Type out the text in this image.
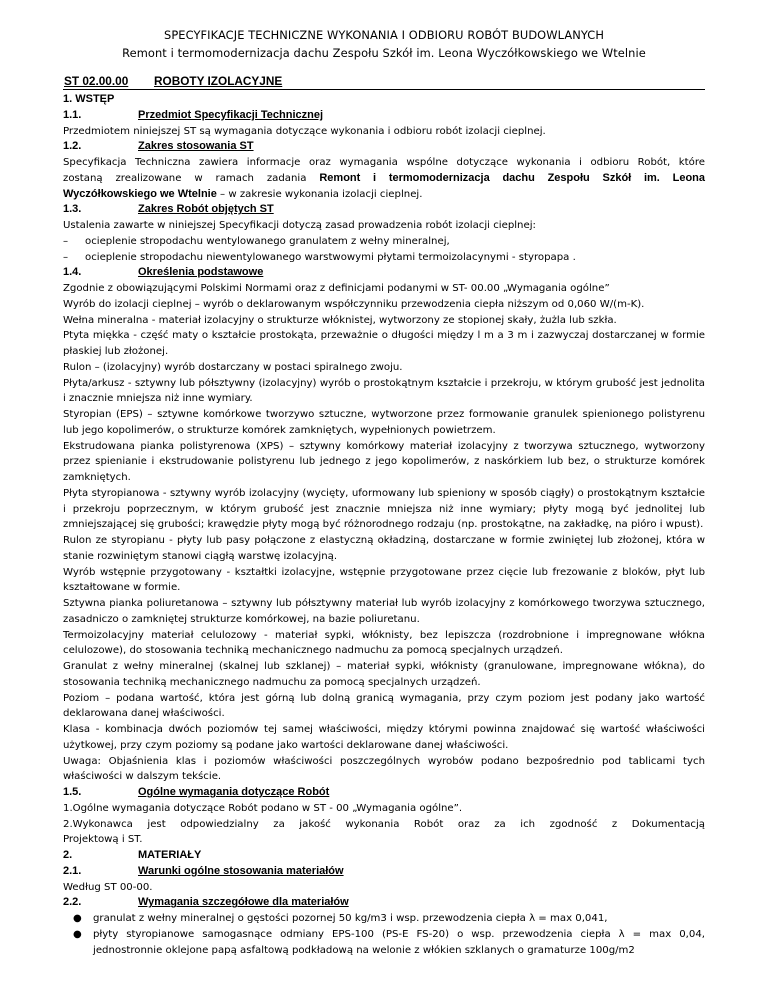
SPECYFIKACJE TECHNICZNE WYKONANIA I ODBIORU ROBÓT BUDOWLANYCH
Remont i termomodernizacja dachu Zespołu Szkół im. Leona Wyczółkowskiego we Wtelnie
ST 02.00.00 ROBOTY IZOLACYJNE

1. WSTĘP

1.1.	Przedmiot Specyfikacji Technicznej

Przedmiotem niniejszej ST są wymagania dotyczące wykonania i odbioru robót izolacji cieplnej.

1.2.	Zakres stosowania ST

Specyfikacja Techniczna zawiera informacje oraz wymagania wspólne dotyczące wykonania i odbioru Robót, które

zostaną zrealizowane w ramach zadania Remont i termomodernizacja dachu Zespołu Szkół im. Leona

Wyczółkowskiego we Wtelnie – w zakresie wykonania izolacji cieplnej.

1.3.	Zakres Robót objętych ST

Ustalenia zawarte w niniejszej Specyfikacji dotyczą zasad prowadzenia robót izolacji cieplnej:

–	ocieplenie stropodachu wentylowanego granulatem z wełny mineralnej,
–	ocieplenie stropodachu niewentylowanego warstwowymi płytami termoizolacynymi - styropapa .
1.4.	Określenia podstawowe

Zgodnie z obowiązującymi Polskimi Normami oraz z definicjami podanymi w ST- 00.00 „Wymagania ogólne”

Wyrób do izolacji cieplnej – wyrób o deklarowanym współczynniku przewodzenia ciepła niższym od 0,060 W/(m-K).

Wełna mineralna - materiał izolacyjny o strukturze włóknistej, wytworzony ze stopionej skały, żużla lub szkła.

Ptyta miękka - część maty o kształcie prostokąta, przeważnie o długości między l m a 3 m i zazwyczaj dostarczanej w formie płaskiej lub złożonej.

Rulon – (izolacyjny) wyrób dostarczany w postaci spiralnego zwoju.

Płyta/arkusz - sztywny lub półsztywny (izolacyjny) wyrób o prostokątnym kształcie i przekroju, w którym grubość jest jednolita i znacznie mniejsza niż inne wymiary.

Styropian (EPS) – sztywne komórkowe tworzywo sztuczne, wytworzone przez formowanie granulek spienionego polistyrenu lub jego kopolimerów, o strukturze komórek zamkniętych, wypełnionych powietrzem.

Ekstrudowana pianka polistyrenowa (XPS) – sztywny komórkowy materiał izolacyjny z tworzywa sztucznego, wytworzony przez spienianie i ekstrudowanie polistyrenu lub jednego z jego kopolimerów, z naskórkiem lub bez, o strukturze komórek zamkniętych.

Płyta styropianowa - sztywny wyrób izolacyjny (wycięty, uformowany lub spieniony w sposób ciągły) o prostokątnym kształcie i przekroju poprzecznym, w którym grubość jest znacznie mniejsza niż inne wymiary; płyty mogą być jednolitej lub zmniejszającej się grubości; krawędzie płyty mogą być różnorodnego rodzaju (np. prostokątne, na zakładkę, na pióro i wpust).

Rulon ze styropianu - płyty lub pasy połączone z elastyczną okładziną, dostarczane w formie zwiniętej lub złożonej, która w stanie rozwiniętym stanowi ciągłą warstwę izolacyjną.

Wyrób wstępnie przygotowany - kształtki izolacyjne, wstępnie przygotowane przez cięcie lub frezowanie z bloków, płyt lub kształtowane w formie.

Sztywna pianka poliuretanowa – sztywny lub półsztywny materiał lub wyrób izolacyjny z komórkowego tworzywa sztucznego, zasadniczo o zamkniętej strukturze komórkowej, na bazie poliuretanu.

Termoizolacyjny materiał celulozowy - materiał sypki, włóknisty, bez lepiszcza (rozdrobnione i impregnowane włókna celulozowe), do stosowania techniką mechanicznego nadmuchu za pomocą specjalnych urządzeń.

Granulat z wełny mineralnej (skalnej lub szklanej) – materiał sypki, włóknisty (granulowane, impregnowane włókna), do stosowania techniką mechanicznego nadmuchu za pomocą specjalnych urządzeń.

Poziom – podana wartość, która jest górną lub dolną granicą wymagania, przy czym poziom jest podany jako wartość deklarowana danej właściwości.

Klasa - kombinacja dwóch poziomów tej samej właściwości, między którymi powinna znajdować się wartość właściwości użytkowej, przy czym poziomy są podane jako wartości deklarowane danej właściwości.

Uwaga: Objaśnienia klas i poziomów właściwości poszczególnych wyrobów podano bezpośrednio pod tablicami tych właściwości w dalszym tekście.

1.5.	Ogólne wymagania dotyczące Robót

1.Ogólne wymagania dotyczące Robót podano w ST - 00 „Wymagania ogólne”.

2.Wykonawca jest odpowiedzialny za jakość wykonania Robót oraz za ich zgodność z Dokumentacją

Projektową i ST.

2.	MATERIAŁY
2.1.	Warunki ogólne stosowania materiałów

Według ST 00-00.

2.2.	Wymagania szczegółowe dla materiałów
●	granulat z wełny mineralnej o gęstości pozornej 50 kg/m3 i wsp. przewodzenia ciepła λ = max 0,041,
●	płyty styropianowe samogasnące odmiany EPS-100 (PS-E FS-20) o wsp. przewodzenia ciepła λ = max 0,04, jednostronnie oklejone papą asfaltową podkładową na welonie z włókien szklanych o gramaturze 100g/m2
